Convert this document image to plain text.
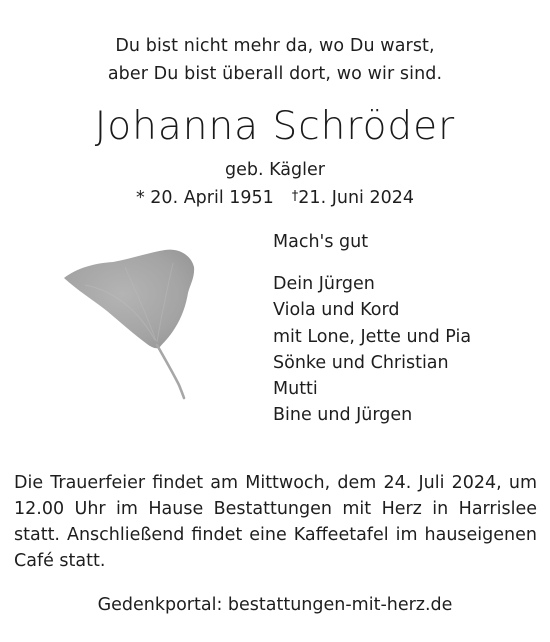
Du bist nicht mehr da, wo Du warst,
aber Du bist überall dort, wo wir sind.
Johanna Schröder
geb. Kägler
* 20. April 1951 †21. Juni 2024
Mach's gut
Dein Jürgen
Viola und Kord
mit Lone, Jette und Pia
Sönke und Christian
Mutti
Bine und Jürgen

Die Trauerfeier findet am Mittwoch, dem 24. Juli 2024, um 12.00 Uhr im Hause Bestattungen mit Herz in Harrislee statt. Anschließend findet eine Kaffeetafel im hauseigenen Café statt.

Gedenkportal: bestattungen-mit-herz.de
